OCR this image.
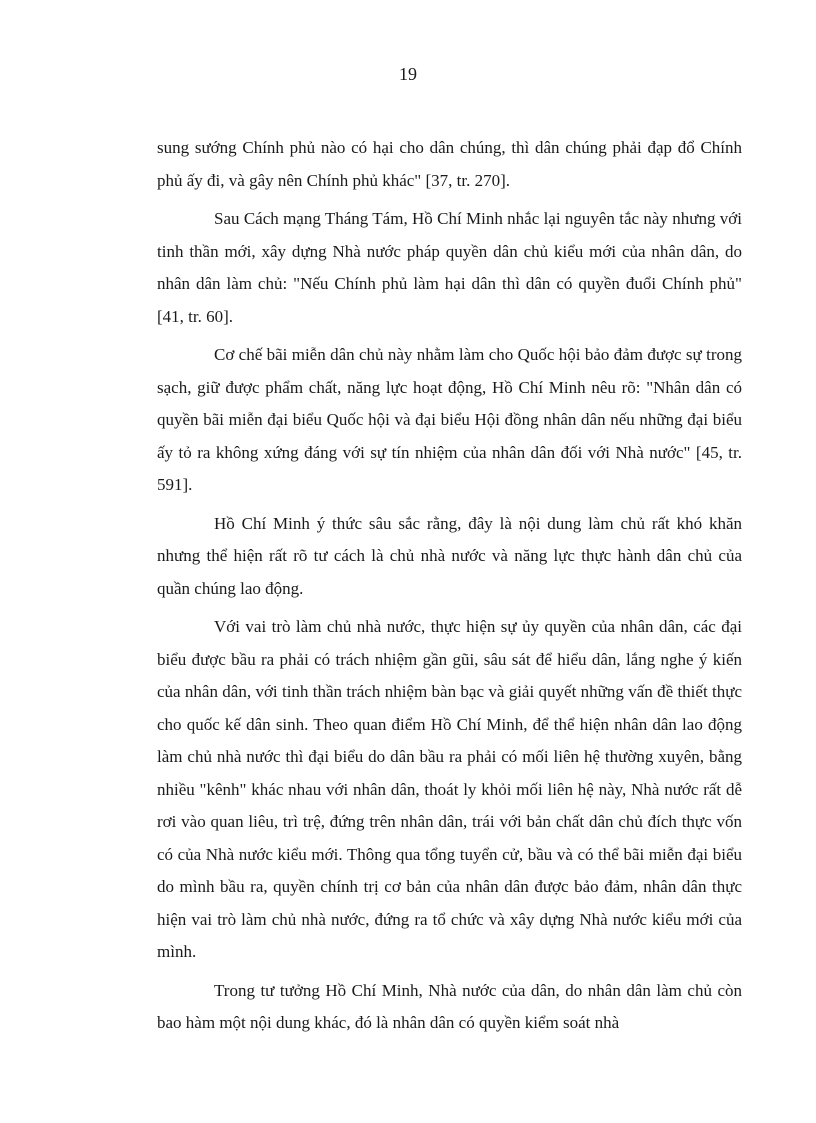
19

sung sướng Chính phủ nào có hại cho dân chúng, thì dân chúng phải đạp đổ Chính phủ ấy đi, và gây nên Chính phủ khác" [37, tr. 270].

Sau Cách mạng Tháng Tám, Hồ Chí Minh nhắc lại nguyên tắc này nhưng với tinh thần mới, xây dựng Nhà nước pháp quyền dân chủ kiểu mới của nhân dân, do nhân dân làm chủ: "Nếu Chính phủ làm hại dân thì dân có quyền đuổi Chính phủ" [41, tr. 60].

Cơ chế bãi miễn dân chủ này nhằm làm cho Quốc hội bảo đảm được sự trong sạch, giữ được phẩm chất, năng lực hoạt động, Hồ Chí Minh nêu rõ: "Nhân dân có quyền bãi miễn đại biểu Quốc hội và đại biểu Hội đồng nhân dân nếu những đại biểu ấy tỏ ra không xứng đáng với sự tín nhiệm của nhân dân đối với Nhà nước" [45, tr. 591].

Hồ Chí Minh ý thức sâu sắc rằng, đây là nội dung làm chủ rất khó khăn nhưng thể hiện rất rõ tư cách là chủ nhà nước và năng lực thực hành dân chủ của quần chúng lao động.

Với vai trò làm chủ nhà nước, thực hiện sự ủy quyền của nhân dân, các đại biểu được bầu ra phải có trách nhiệm gần gũi, sâu sát để hiểu dân, lắng nghe ý kiến của nhân dân, với tinh thần trách nhiệm bàn bạc và giải quyết những vấn đề thiết thực cho quốc kế dân sinh. Theo quan điểm Hồ Chí Minh, để thể hiện nhân dân lao động làm chủ nhà nước thì đại biểu do dân bầu ra phải có mối liên hệ thường xuyên, bằng nhiều "kênh" khác nhau với nhân dân, thoát ly khỏi mối liên hệ này, Nhà nước rất dễ rơi vào quan liêu, trì trệ, đứng trên nhân dân, trái với bản chất dân chủ đích thực vốn có của Nhà nước kiểu mới. Thông qua tổng tuyển cử, bầu và có thể bãi miễn đại biểu do mình bầu ra, quyền chính trị cơ bản của nhân dân được bảo đảm, nhân dân thực hiện vai trò làm chủ nhà nước, đứng ra tổ chức và xây dựng Nhà nước kiểu mới của mình.

Trong tư tưởng Hồ Chí Minh, Nhà nước của dân, do nhân dân làm chủ còn bao hàm một nội dung khác, đó là nhân dân có quyền kiểm soát nhà
